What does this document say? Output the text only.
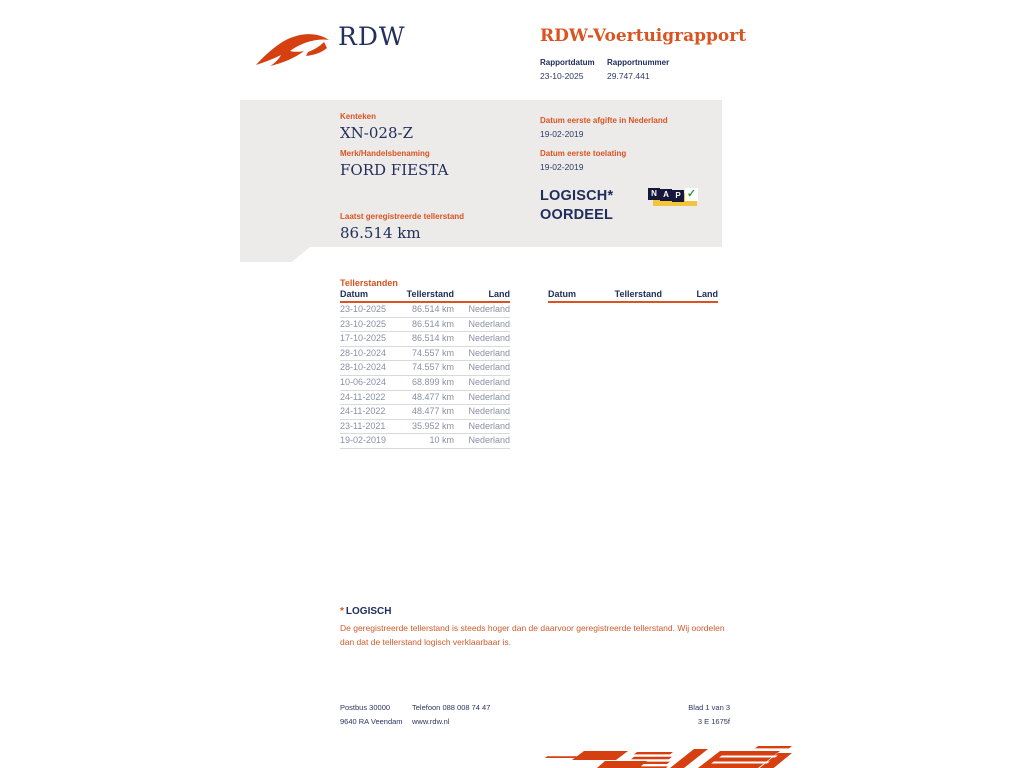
RDW	RDW-Voertuigrapport
Rapportdatum
23-10-2025
Rapportnummer
29.747.441
Kenteken
XN-028-Z
Merk/Handelsbenaming
FORD FIESTA
Laatst geregistreerde tellerstand
86.514 km
Datum eerste afgifte in Nederland
19-02-2019
Datum eerste toelating
19-02-2019
LOGISCH*
OORDEEL
N A P ✓
Tellerstanden
Datum	Tellerstand	Land
23-10-2025	86.514 km	Nederland
23-10-2025	86.514 km	Nederland
17-10-2025	86.514 km	Nederland
28-10-2024	74.557 km	Nederland
28-10-2024	74.557 km	Nederland
10-06-2024	68.899 km	Nederland
24-11-2022	48.477 km	Nederland
24-11-2022	48.477 km	Nederland
23-11-2021	35.952 km	Nederland
19-02-2019	10 km	Nederland
Datum	Tellerstand	Land
* LOGISCH
De geregistreerde tellerstand is steeds hoger dan de daarvoor geregistreerde tellerstand. Wij oordelen dan dat de tellerstand logisch verklaarbaar is.
Postbus 30000
9640 RA Veendam
Telefoon 088 008 74 47
www.rdw.nl
Blad 1 van 3
3 E 1675f
